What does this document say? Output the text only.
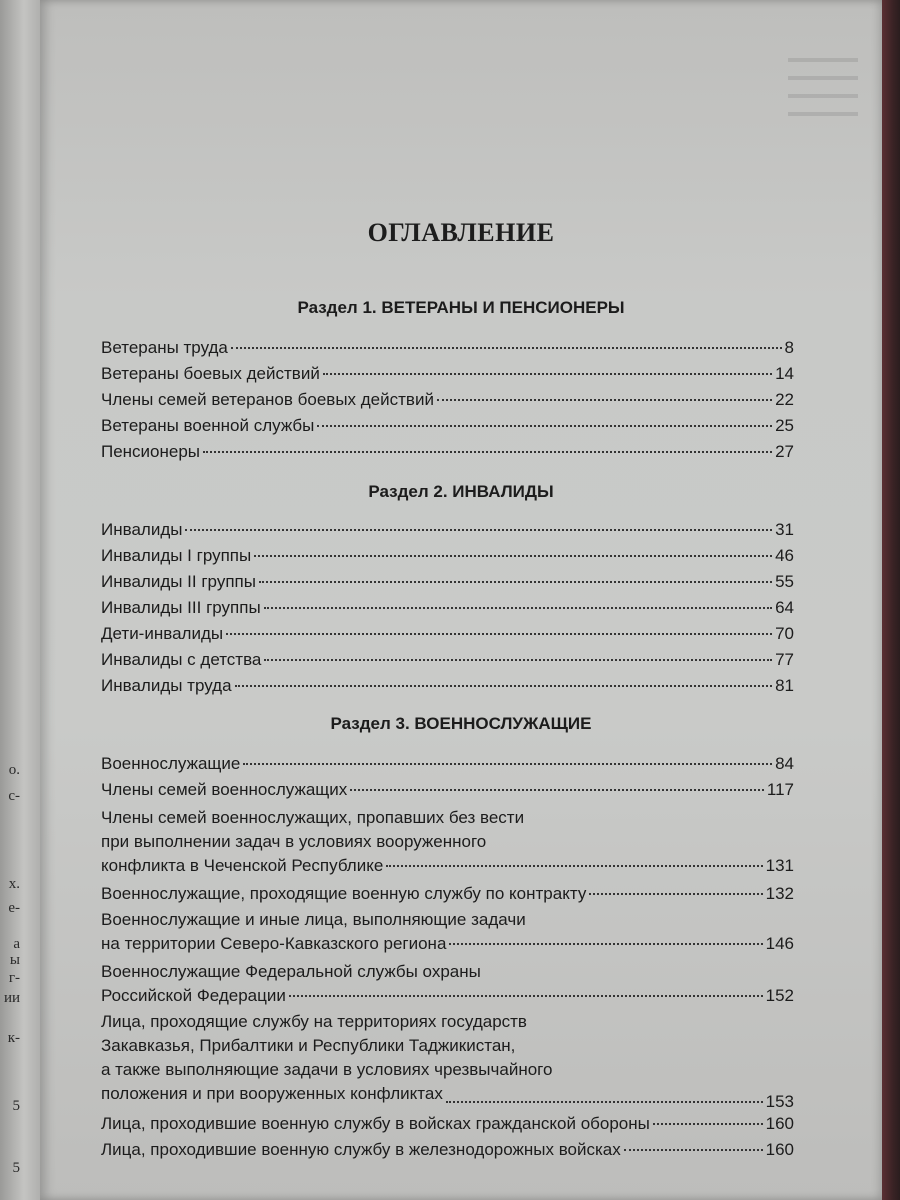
о.
с-
х.
е-
а
ы
г-
ии
к-
5
5
ОГЛАВЛЕНИЕ
Раздел 1. ВЕТЕРАНЫ И ПЕНСИОНЕРЫ
Ветераны труда	8
Ветераны боевых действий	14
Члены семей ветеранов боевых действий	22
Ветераны военной службы	25
Пенсионеры	27
Раздел 2. ИНВАЛИДЫ
Инвалиды	31
Инвалиды I группы	46
Инвалиды II группы	55
Инвалиды III группы	64
Дети-инвалиды	70
Инвалиды с детства	77
Инвалиды труда	81
Раздел 3. ВОЕННОСЛУЖАЩИЕ
Военнослужащие	84
Члены семей военнослужащих	117
Члены семей военнослужащих, пропавших без вести
при выполнении задач в условиях вооруженного
конфликта в Чеченской Республике	131
Военнослужащие, проходящие военную службу по контракту	132
Военнослужащие и иные лица, выполняющие задачи
на территории Северо-Кавказского региона	146
Военнослужащие Федеральной службы охраны
Российской Федерации	152
Лица, проходящие службу на территориях государств
Закавказья, Прибалтики и Республики Таджикистан,
а также выполняющие задачи в условиях чрезвычайного
положения и при вооруженных конфликтах	153
Лица, проходившие военную службу в войсках гражданской обороны	160
Лица, проходившие военную службу в железнодорожных войсках	160
